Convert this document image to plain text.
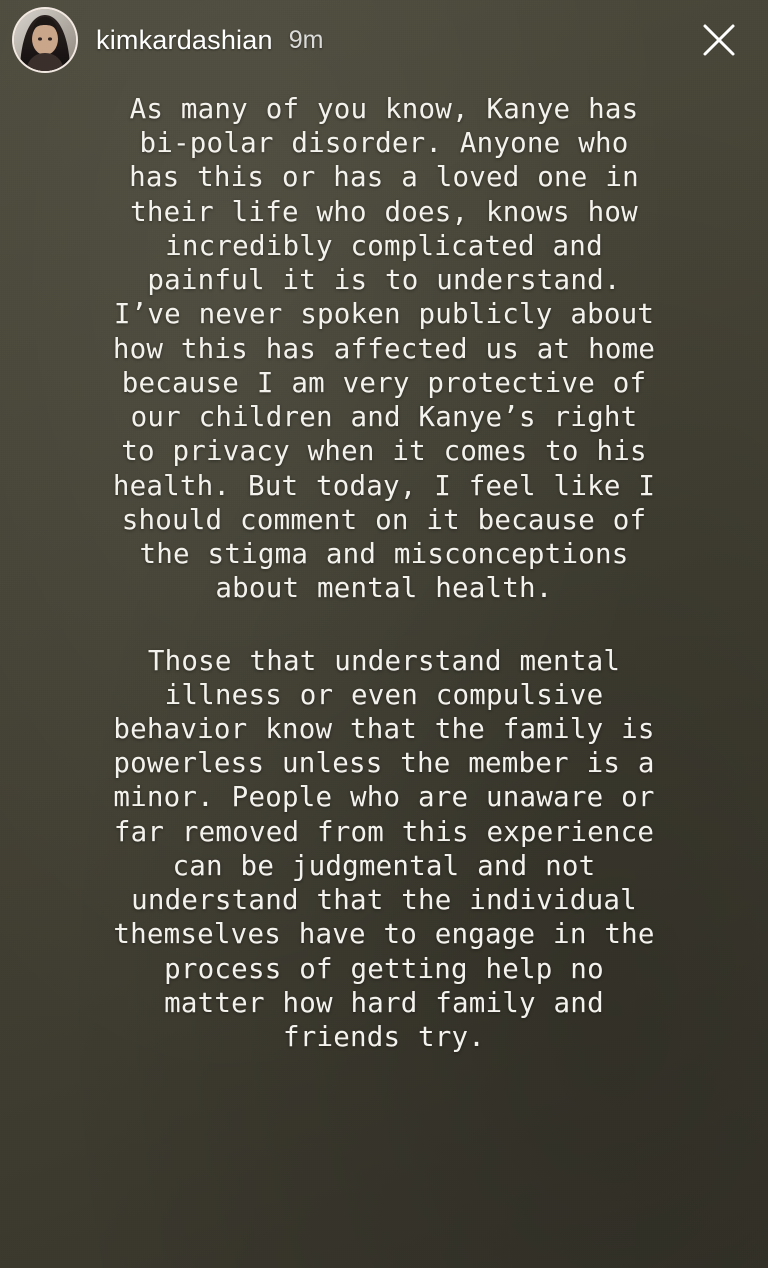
kimkardashian 9m
As many of you know, Kanye has bi-polar disorder. Anyone who has this or has a loved one in their life who does, knows how incredibly complicated and painful it is to understand. I’ve never spoken publicly about how this has affected us at home because I am very protective of our children and Kanye’s right to privacy when it comes to his health. But today, I feel like I should comment on it because of the stigma and misconceptions about mental health.
Those that understand mental illness or even compulsive behavior know that the family is powerless unless the member is a minor. People who are unaware or far removed from this experience can be judgmental and not understand that the individual themselves have to engage in the process of getting help no matter how hard family and friends try.
